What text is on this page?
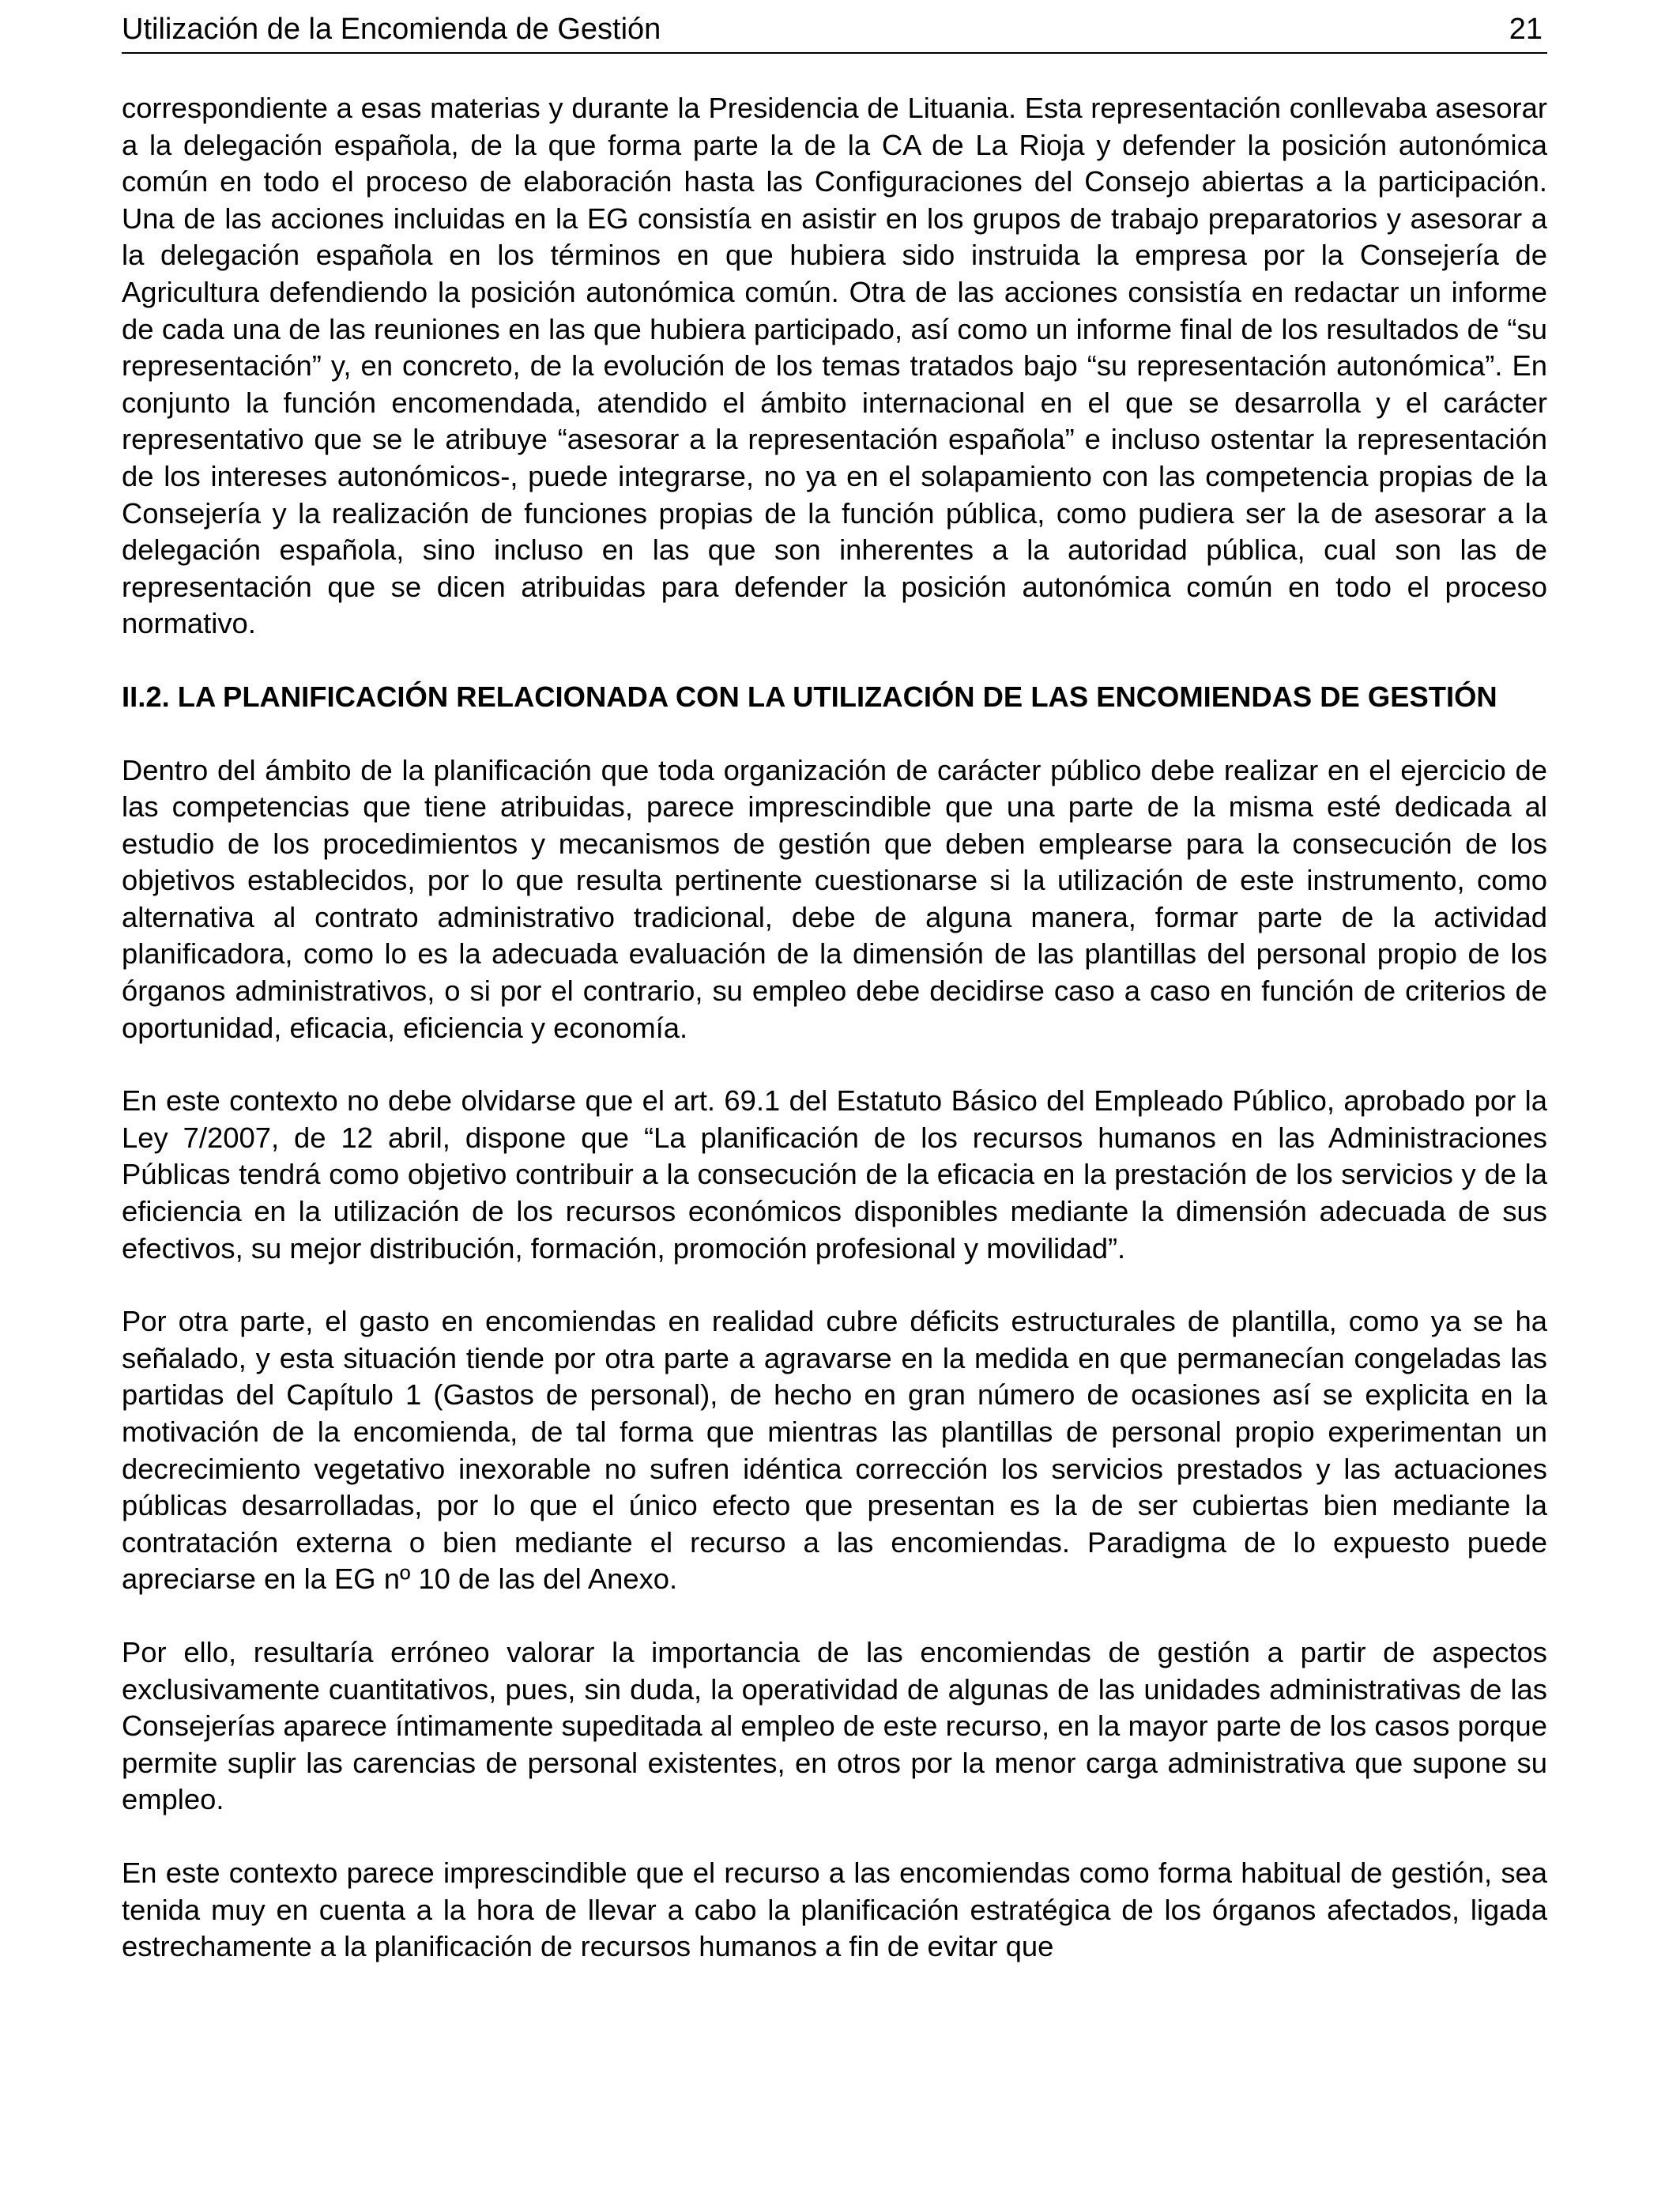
Utilización de la Encomienda de Gestión	21

correspondiente a esas materias y durante la Presidencia de Lituania. Esta representación conllevaba asesorar a la delegación española, de la que forma parte la de la CA de La Rioja y defender la posición autonómica común en todo el proceso de elaboración hasta las Configuraciones del Consejo abiertas a la participación. Una de las acciones incluidas en la EG consistía en asistir en los grupos de trabajo preparatorios y asesorar a la delegación española en los términos en que hubiera sido instruida la empresa por la Consejería de Agricultura defendiendo la posición autonómica común. Otra de las acciones consistía en redactar un informe de cada una de las reuniones en las que hubiera participado, así como un informe final de los resultados de “su representación” y, en concreto, de la evolución de los temas tratados bajo “su representación autonómica”. En conjunto la función encomendada, atendido el ámbito internacional en el que se desarrolla y el carácter representativo que se le atribuye “asesorar a la representación española” e incluso ostentar la representación de los intereses autonómicos-, puede integrarse, no ya en el solapamiento con las competencia propias de la Consejería y la realización de funciones propias de la función pública, como pudiera ser la de asesorar a la delegación española, sino incluso en las que son inherentes a la autoridad pública, cual son las de representación que se dicen atribuidas para defender la posición autonómica común en todo el proceso normativo.

II.2. LA PLANIFICACIÓN RELACIONADA CON LA UTILIZACIÓN DE LAS ENCOMIENDAS DE GESTIÓN

Dentro del ámbito de la planificación que toda organización de carácter público debe realizar en el ejercicio de las competencias que tiene atribuidas, parece imprescindible que una parte de la misma esté dedicada al estudio de los procedimientos y mecanismos de gestión que deben emplearse para la consecución de los objetivos establecidos, por lo que resulta pertinente cuestionarse si la utilización de este instrumento, como alternativa al contrato administrativo tradicional, debe de alguna manera, formar parte de la actividad planificadora, como lo es la adecuada evaluación de la dimensión de las plantillas del personal propio de los órganos administrativos, o si por el contrario, su empleo debe decidirse caso a caso en función de criterios de oportunidad, eficacia, eficiencia y economía.

En este contexto no debe olvidarse que el art. 69.1 del Estatuto Básico del Empleado Público, aprobado por la Ley 7/2007, de 12 abril, dispone que “La planificación de los recursos humanos en las Administraciones Públicas tendrá como objetivo contribuir a la consecución de la eficacia en la prestación de los servicios y de la eficiencia en la utilización de los recursos económicos disponibles mediante la dimensión adecuada de sus efectivos, su mejor distribución, formación, promoción profesional y movilidad”.

Por otra parte, el gasto en encomiendas en realidad cubre déficits estructurales de plantilla, como ya se ha señalado, y esta situación tiende por otra parte a agravarse en la medida en que permanecían congeladas las partidas del Capítulo 1 (Gastos de personal), de hecho en gran número de ocasiones así se explicita en la motivación de la encomienda, de tal forma que mientras las plantillas de personal propio experimentan un decrecimiento vegetativo inexorable no sufren idéntica corrección los servicios prestados y las actuaciones públicas desarrolladas, por lo que el único efecto que presentan es la de ser cubiertas bien mediante la contratación externa o bien mediante el recurso a las encomiendas. Paradigma de lo expuesto puede apreciarse en la EG nº 10 de las del Anexo.

Por ello, resultaría erróneo valorar la importancia de las encomiendas de gestión a partir de aspectos exclusivamente cuantitativos, pues, sin duda, la operatividad de algunas de las unidades administrativas de las Consejerías aparece íntimamente supeditada al empleo de este recurso, en la mayor parte de los casos porque permite suplir las carencias de personal existentes, en otros por la menor carga administrativa que supone su empleo.

En este contexto parece imprescindible que el recurso a las encomiendas como forma habitual de gestión, sea tenida muy en cuenta a la hora de llevar a cabo la planificación estratégica de los órganos afectados, ligada estrechamente a la planificación de recursos humanos a fin de evitar que
